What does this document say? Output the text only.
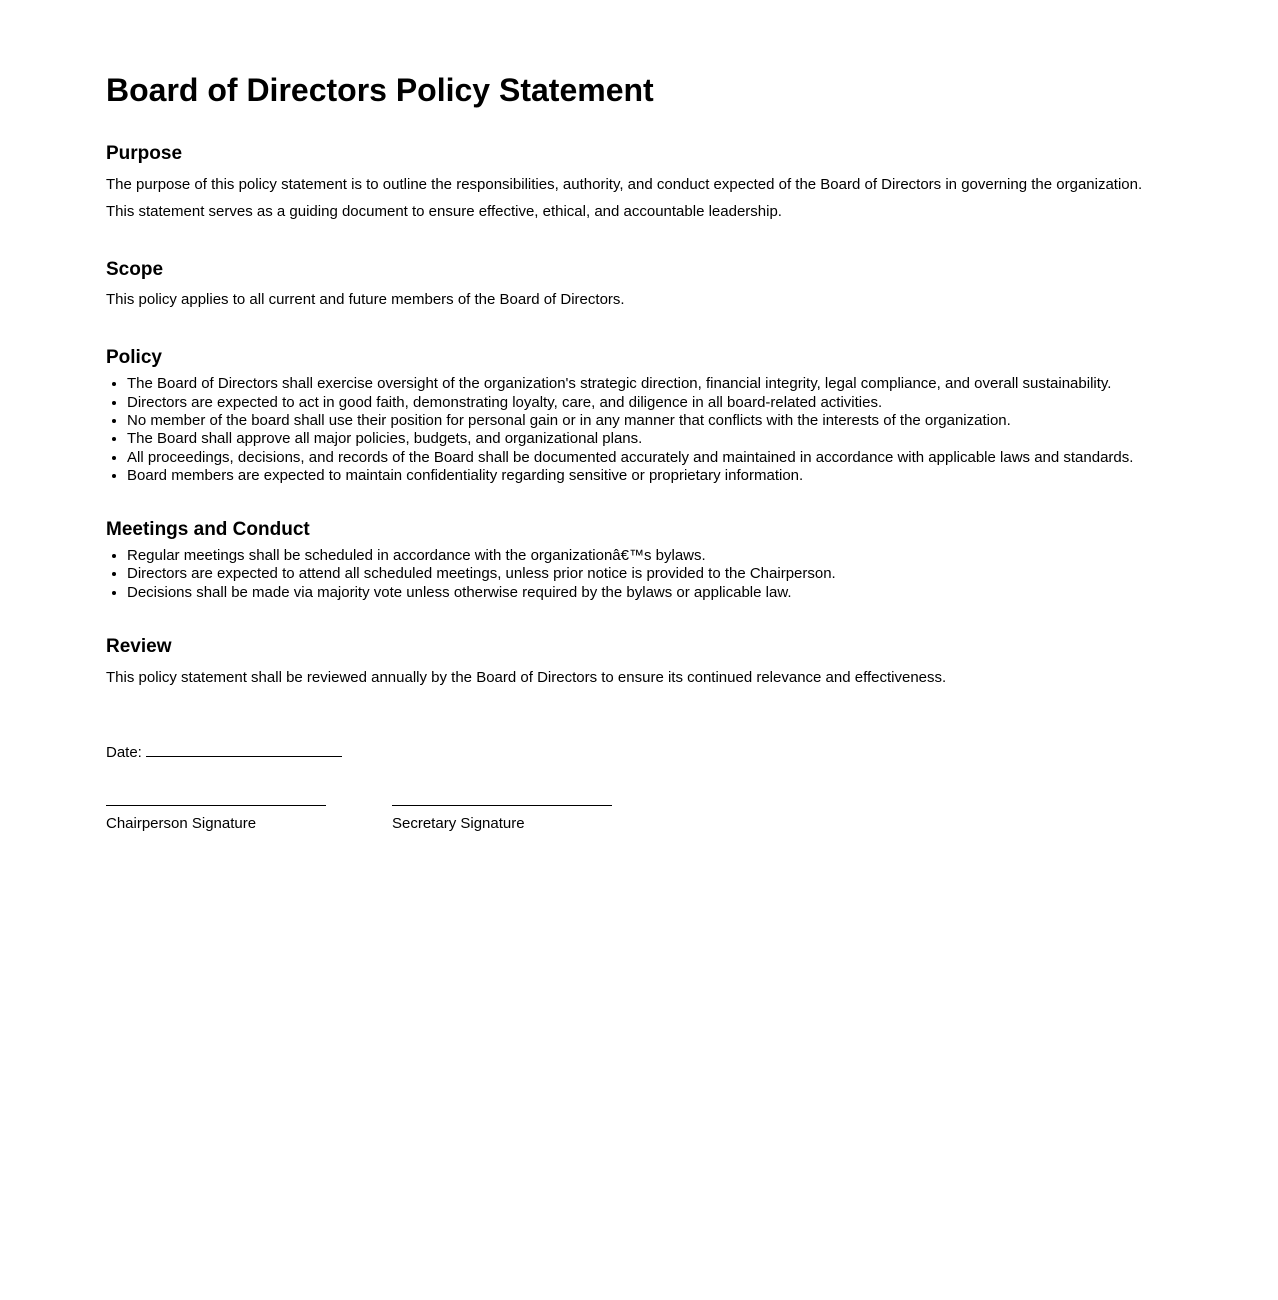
Board of Directors Policy Statement
Purpose

The purpose of this policy statement is to outline the responsibilities, authority, and conduct expected of the Board of Directors in governing the organization. This statement serves as a guiding document to ensure effective, ethical, and accountable leadership.

Scope

This policy applies to all current and future members of the Board of Directors.

Policy
• The Board of Directors shall exercise oversight of the organization's strategic direction, financial integrity, legal compliance, and overall sustainability.
• Directors are expected to act in good faith, demonstrating loyalty, care, and diligence in all board-related activities.
• No member of the board shall use their position for personal gain or in any manner that conflicts with the interests of the organization.
• The Board shall approve all major policies, budgets, and organizational plans.
• All proceedings, decisions, and records of the Board shall be documented accurately and maintained in accordance with applicable laws and standards.
• Board members are expected to maintain confidentiality regarding sensitive or proprietary information.
Meetings and Conduct
• Regular meetings shall be scheduled in accordance with the organizationâ€™s bylaws.
• Directors are expected to attend all scheduled meetings, unless prior notice is provided to the Chairperson.
• Decisions shall be made via majority vote unless otherwise required by the bylaws or applicable law.
Review

This policy statement shall be reviewed annually by the Board of Directors to ensure its continued relevance and effectiveness.

Date:
Chairperson Signature	Secretary Signature
